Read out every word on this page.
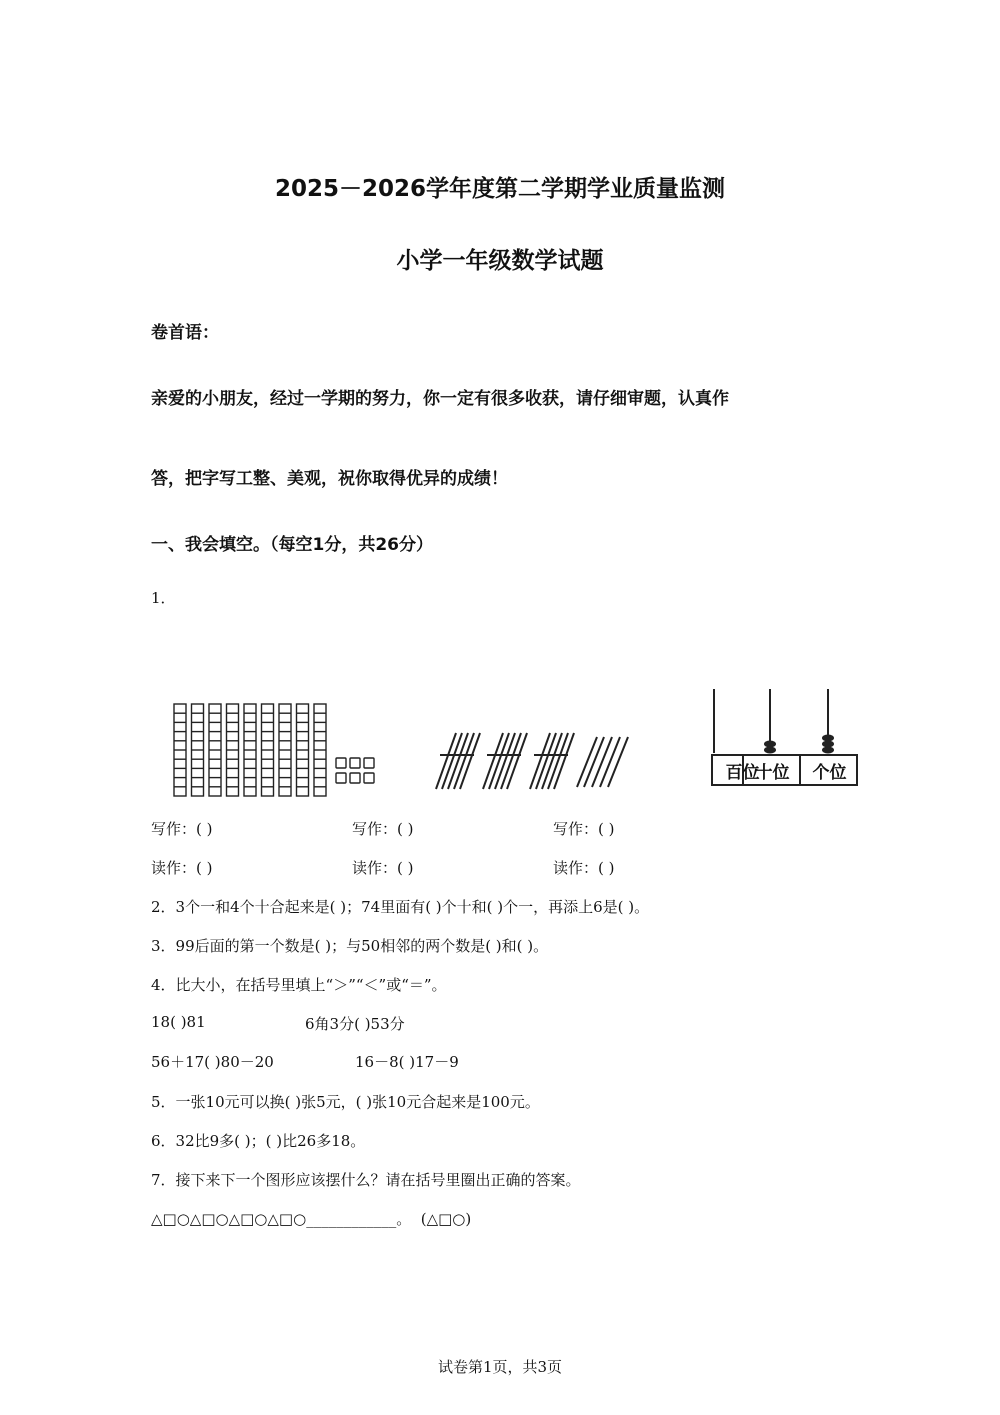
2025－2026学年度第二学期学业质量监测
小学一年级数学试题
卷首语：
亲爱的小朋友，经过一学期的努力，你一定有很多收获，请仔细审题，认真作
答，把字写工整、美观，祝你取得优异的成绩！
一、我会填空。（每空1分，共26分）
1．
百位
十位	个位
写作：( )	写作：( )	写作：( )
读作：( )	读作：( )	读作：( )
2．3个一和4个十合起来是( )；74里面有( )个十和( )个一，再添上6是( )。
3．99后面的第一个数是( )；与50相邻的两个数是( )和( )。
4．比大小，在括号里填上“＞”“＜”或“＝”。
18( )81	6角3分( )53分
56＋17( )80－20	16－8( )17－9
5．一张10元可以换( )张5元，( )张10元合起来是100元。
6．32比9多( )；( )比26多18。
7．接下来下一个图形应该摆什么？请在括号里圈出正确的答案。
△□○△□○△□○△□○____________。 (△□○)
试卷第1页，共3页
